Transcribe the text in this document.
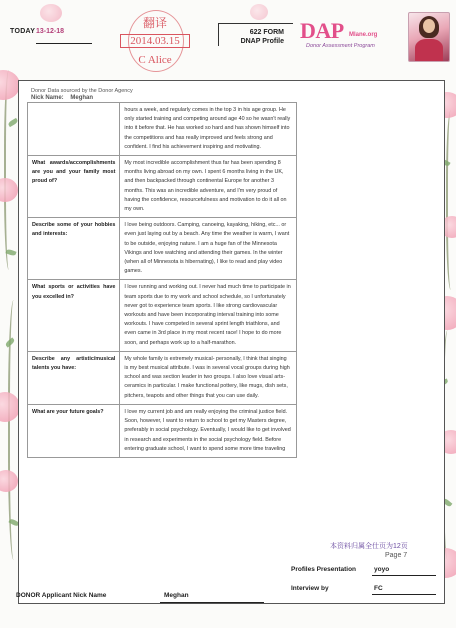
TODAY 13-12-18
翻译
2014.03.15
C Alice
622 FORM
DNAP Profile DAP Mlane.org
Donor Assessment Program
Donor Data sourced by the Donor Agency
Nick Name: Meghan
	hours a week, and regularly comes in the top 3 in his age group. He only started training and competing around age 40 so he wasn't really into it before that. He has worked so hard and has shown himself into the competitions and has really improved and feels strong and confident. I find his achievement inspiring and motivating.
What awards/accomplishments are you and your family most proud of?	My most incredible accomplishment thus far has been spending 8 months living abroad on my own. I spent 6 months living in the UK, and then backpacked through continental Europe for another 3 months. This was an incredible adventure, and I'm very proud of having the confidence, resourcefulness and motivation to do it all on my own.
Describe some of your hobbies and interests:	I love being outdoors. Camping, canoeing, kayaking, hiking, etc... or even just laying out by a beach. Any time the weather is warm, I want to be outside, enjoying nature. I am a huge fan of the Minnesota Vikings and love watching and attending their games. In the winter (when all of Minnesota is hibernating), I like to read and play video games.
What sports or activities have you excelled in?	I love running and working out. I never had much time to participate in team sports due to my work and school schedule, so I unfortunately never got to experience team sports. I like strong cardiovascular workouts and have been incorporating interval training into some workouts. I have competed in several sprint length triathlons, and even came in 3rd place in my most recent race! I hope to do more soon, and perhaps work up to a half-marathon.
Describe any artistic/musical talents you have:	My whole family is extremely musical- personally, I think that singing is my best musical attribute. I was in several vocal groups during high school and was section leader in two groups. I also love visual arts- ceramics in particular. I make functional pottery, like mugs, dish sets, pitchers, teapots and other things that you can use daily.
What are your future goals?	I love my current job and am really enjoying the criminal justice field. Soon, however, I want to return to school to get my Masters degree, preferably in social psychology. Eventually, I would like to get involved in research and experiments in the social psychology field. Before entering graduate school, I want to spend some more time traveling
本资料归属全仕页为12页
Page 7
Profiles Presentation	yoyo
Interview by	FC
DONOR Applicant Nick Name	Meghan
